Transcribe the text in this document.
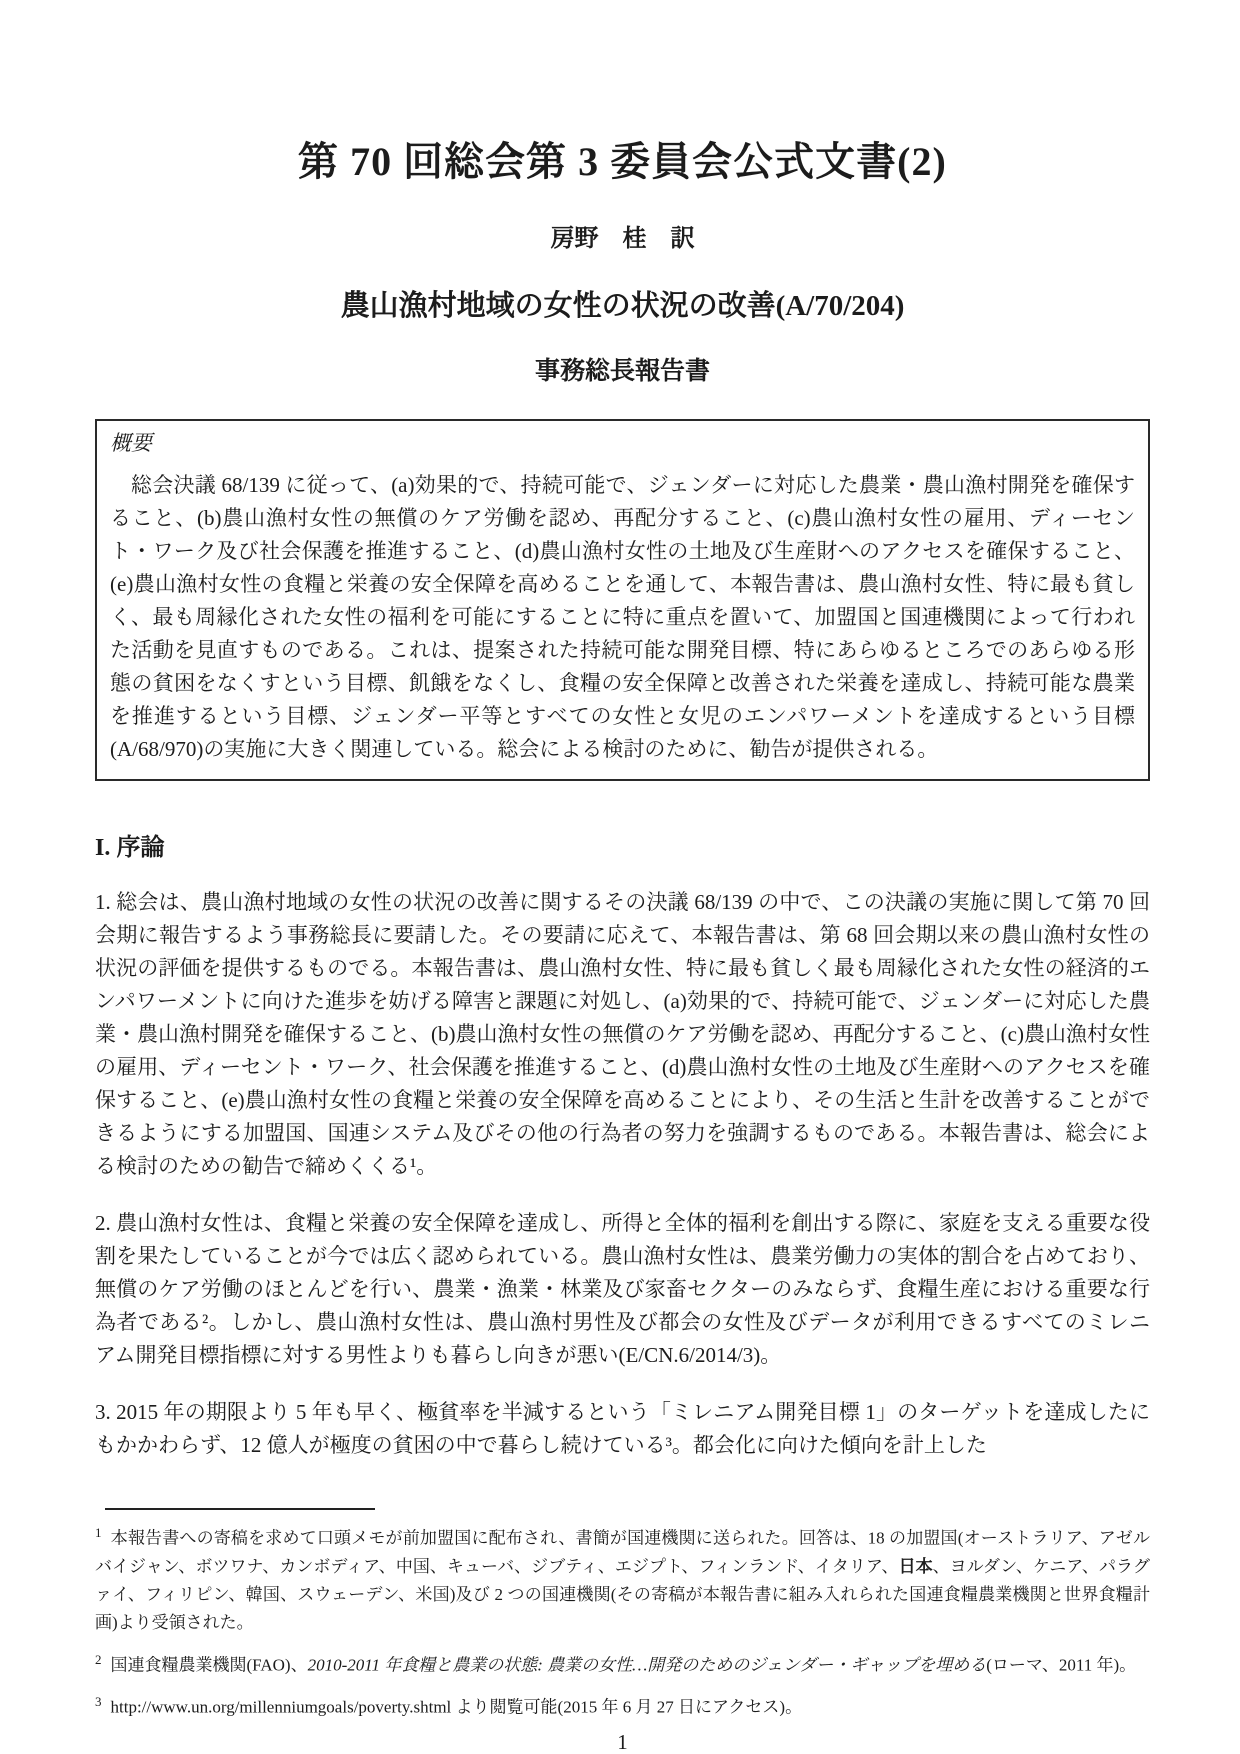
第 70 回総会第 3 委員会公式文書(2)
房野　桂　訳
農山漁村地域の女性の状況の改善(A/70/204)
事務総長報告書
概要

総会決議 68/139 に従って、(a)効果的で、持続可能で、ジェンダーに対応した農業・農山漁村開発を確保すること、(b)農山漁村女性の無償のケア労働を認め、再配分すること、(c)農山漁村女性の雇用、ディーセント・ワーク及び社会保護を推進すること、(d)農山漁村女性の土地及び生産財へのアクセスを確保すること、(e)農山漁村女性の食糧と栄養の安全保障を高めることを通して、本報告書は、農山漁村女性、特に最も貧しく、最も周縁化された女性の福利を可能にすることに特に重点を置いて、加盟国と国連機関によって行われた活動を見直すものである。これは、提案された持続可能な開発目標、特にあらゆるところでのあらゆる形態の貧困をなくすという目標、飢餓をなくし、食糧の安全保障と改善された栄養を達成し、持続可能な農業を推進するという目標、ジェンダー平等とすべての女性と女児のエンパワーメントを達成するという目標(A/68/970)の実施に大きく関連している。総会による検討のために、勧告が提供される。

I. 序論

1. 総会は、農山漁村地域の女性の状況の改善に関するその決議 68/139 の中で、この決議の実施に関して第 70 回会期に報告するよう事務総長に要請した。その要請に応えて、本報告書は、第 68 回会期以来の農山漁村女性の状況の評価を提供するものでる。本報告書は、農山漁村女性、特に最も貧しく最も周縁化された女性の経済的エンパワーメントに向けた進歩を妨げる障害と課題に対処し、(a)効果的で、持続可能で、ジェンダーに対応した農業・農山漁村開発を確保すること、(b)農山漁村女性の無償のケア労働を認め、再配分すること、(c)農山漁村女性の雇用、ディーセント・ワーク、社会保護を推進すること、(d)農山漁村女性の土地及び生産財へのアクセスを確保すること、(e)農山漁村女性の食糧と栄養の安全保障を高めることにより、その生活と生計を改善することができるようにする加盟国、国連システム及びその他の行為者の努力を強調するものである。本報告書は、総会による検討のための勧告で締めくくる¹。

2. 農山漁村女性は、食糧と栄養の安全保障を達成し、所得と全体的福利を創出する際に、家庭を支える重要な役割を果たしていることが今では広く認められている。農山漁村女性は、農業労働力の実体的割合を占めており、無償のケア労働のほとんどを行い、農業・漁業・林業及び家畜セクターのみならず、食糧生産における重要な行為者である²。しかし、農山漁村女性は、農山漁村男性及び都会の女性及びデータが利用できるすべてのミレニアム開発目標指標に対する男性よりも暮らし向きが悪い(E/CN.6/2014/3)。

3. 2015 年の期限より 5 年も早く、極貧率を半減するという「ミレニアム開発目標 1」のターゲットを達成したにもかかわらず、12 億人が極度の貧困の中で暮らし続けている³。都会化に向けた傾向を計上した

$^1$ 本報告書への寄稿を求めて口頭メモが前加盟国に配布され、書簡が国連機関に送られた。回答は、18 の加盟国(オーストラリア、アゼルバイジャン、ボツワナ、カンボディア、中国、キューバ、ジブティ、エジプト、フィンランド、イタリア、日本、ヨルダン、ケニア、パラグァイ、フィリピン、韓国、スウェーデン、米国)及び 2 つの国連機関(その寄稿が本報告書に組み入れられた国連食糧農業機関と世界食糧計画)より受領された。
$^2$ 国連食糧農業機関(FAO)、2010-2011 年食糧と農業の状態: 農業の女性…開発のためのジェンダー・ギャップを埋める(ローマ、2011 年)。
$^3$ http://www.un.org/millenniumgoals/poverty.shtml より閲覧可能(2015 年 6 月 27 日にアクセス)。
1
